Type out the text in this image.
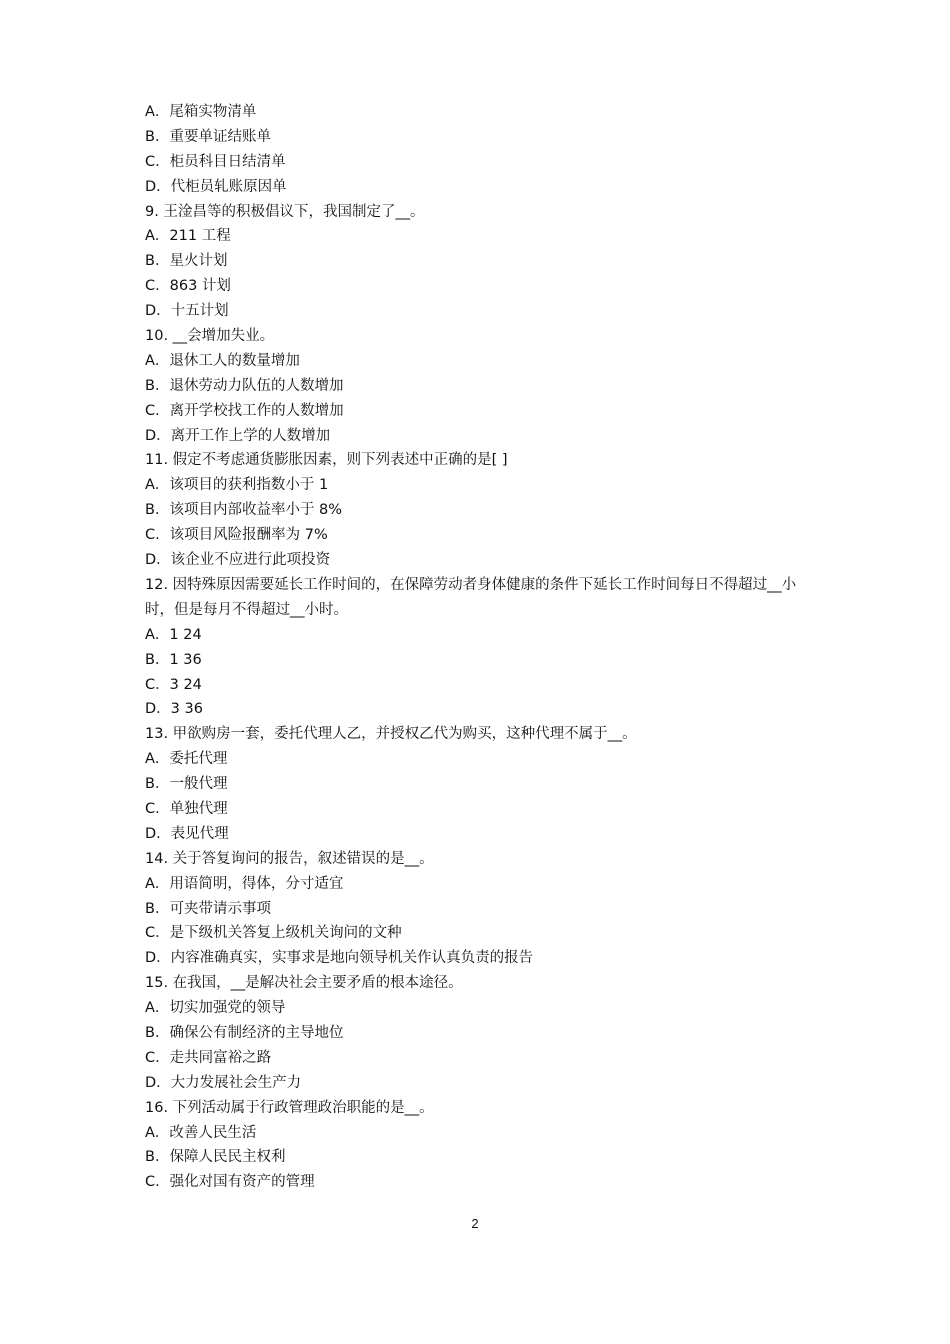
A．尾箱实物清单
B．重要单证结账单
C．柜员科目日结清单
D．代柜员轧账原因单
9. 王淦昌等的积极倡议下，我国制定了__。
A．211 工程
B．星火计划
C．863 计划
D．十五计划
10. __会增加失业。
A．退休工人的数量增加
B．退休劳动力队伍的人数增加
C．离开学校找工作的人数增加
D．离开工作上学的人数增加
11. 假定不考虑通货膨胀因素，则下列表述中正确的是[ ]
A．该项目的获利指数小于 1
B．该项目内部收益率小于 8%
C．该项目风险报酬率为 7%
D．该企业不应进行此项投资
12. 因特殊原因需要延长工作时间的，在保障劳动者身体健康的条件下延长工作时间每日不得超过__小时，但是每月不得超过__小时。
A．1 24
B．1 36
C．3 24
D．3 36
13. 甲欲购房一套，委托代理人乙，并授权乙代为购买，这种代理不属于__。
A．委托代理
B．一般代理
C．单独代理
D．表见代理
14. 关于答复询问的报告，叙述错误的是__。
A．用语简明，得体，分寸适宜
B．可夹带请示事项
C．是下级机关答复上级机关询问的文种
D．内容准确真实，实事求是地向领导机关作认真负责的报告
15. 在我国，__是解决社会主要矛盾的根本途径。
A．切实加强党的领导
B．确保公有制经济的主导地位
C．走共同富裕之路
D．大力发展社会生产力
16. 下列活动属于行政管理政治职能的是__。
A．改善人民生活
B．保障人民民主权利
C．强化对国有资产的管理
2
